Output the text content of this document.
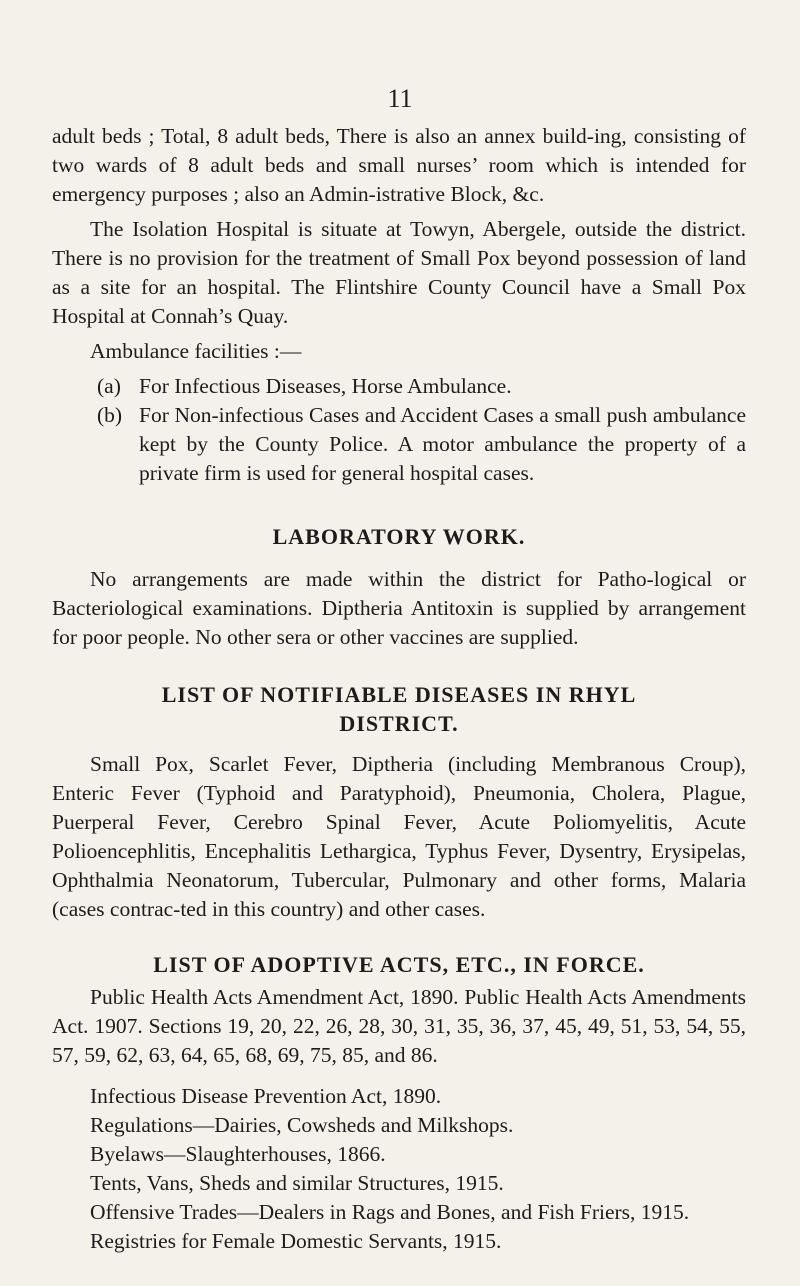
11

adult beds ; Total, 8 adult beds, There is also an annex build-ing, consisting of two wards of 8 adult beds and small nurses’ room which is intended for emergency purposes ; also an Admin-istrative Block, &c.

The Isolation Hospital is situate at Towyn, Abergele, outside the district. There is no provision for the treatment of Small Pox beyond possession of land as a site for an hospital. The Flintshire County Council have a Small Pox Hospital at Connah’s Quay.

Ambulance facilities :—

(a) For Infectious Diseases, Horse Ambulance.
(b) For Non-infectious Cases and Accident Cases a small push ambulance kept by the County Police. A motor ambulance the property of a private firm is used for general hospital cases.
LABORATORY WORK.

No arrangements are made within the district for Patho-logical or Bacteriological examinations. Diptheria Antitoxin is supplied by arrangement for poor people. No other sera or other vaccines are supplied.

LIST OF NOTIFIABLE DISEASES IN RHYL
DISTRICT.

Small Pox, Scarlet Fever, Diptheria (including Membranous Croup), Enteric Fever (Typhoid and Paratyphoid), Pneumonia, Cholera, Plague, Puerperal Fever, Cerebro Spinal Fever, Acute Poliomyelitis, Acute Polioencephlitis, Encephalitis Lethargica, Typhus Fever, Dysentry, Erysipelas, Ophthalmia Neonatorum, Tubercular, Pulmonary and other forms, Malaria (cases contrac-ted in this country) and other cases.

LIST OF ADOPTIVE ACTS, ETC., IN FORCE.

Public Health Acts Amendment Act, 1890. Public Health Acts Amendments Act. 1907. Sections 19, 20, 22, 26, 28, 30, 31, 35, 36, 37, 45, 49, 51, 53, 54, 55, 57, 59, 62, 63, 64, 65, 68, 69, 75, 85, and 86.

Infectious Disease Prevention Act, 1890.
Regulations—Dairies, Cowsheds and Milkshops.
Byelaws—Slaughterhouses, 1866.
Tents, Vans, Sheds and similar Structures, 1915.
Offensive Trades—Dealers in Rags and Bones, and Fish Friers, 1915.
Registries for Female Domestic Servants, 1915.
